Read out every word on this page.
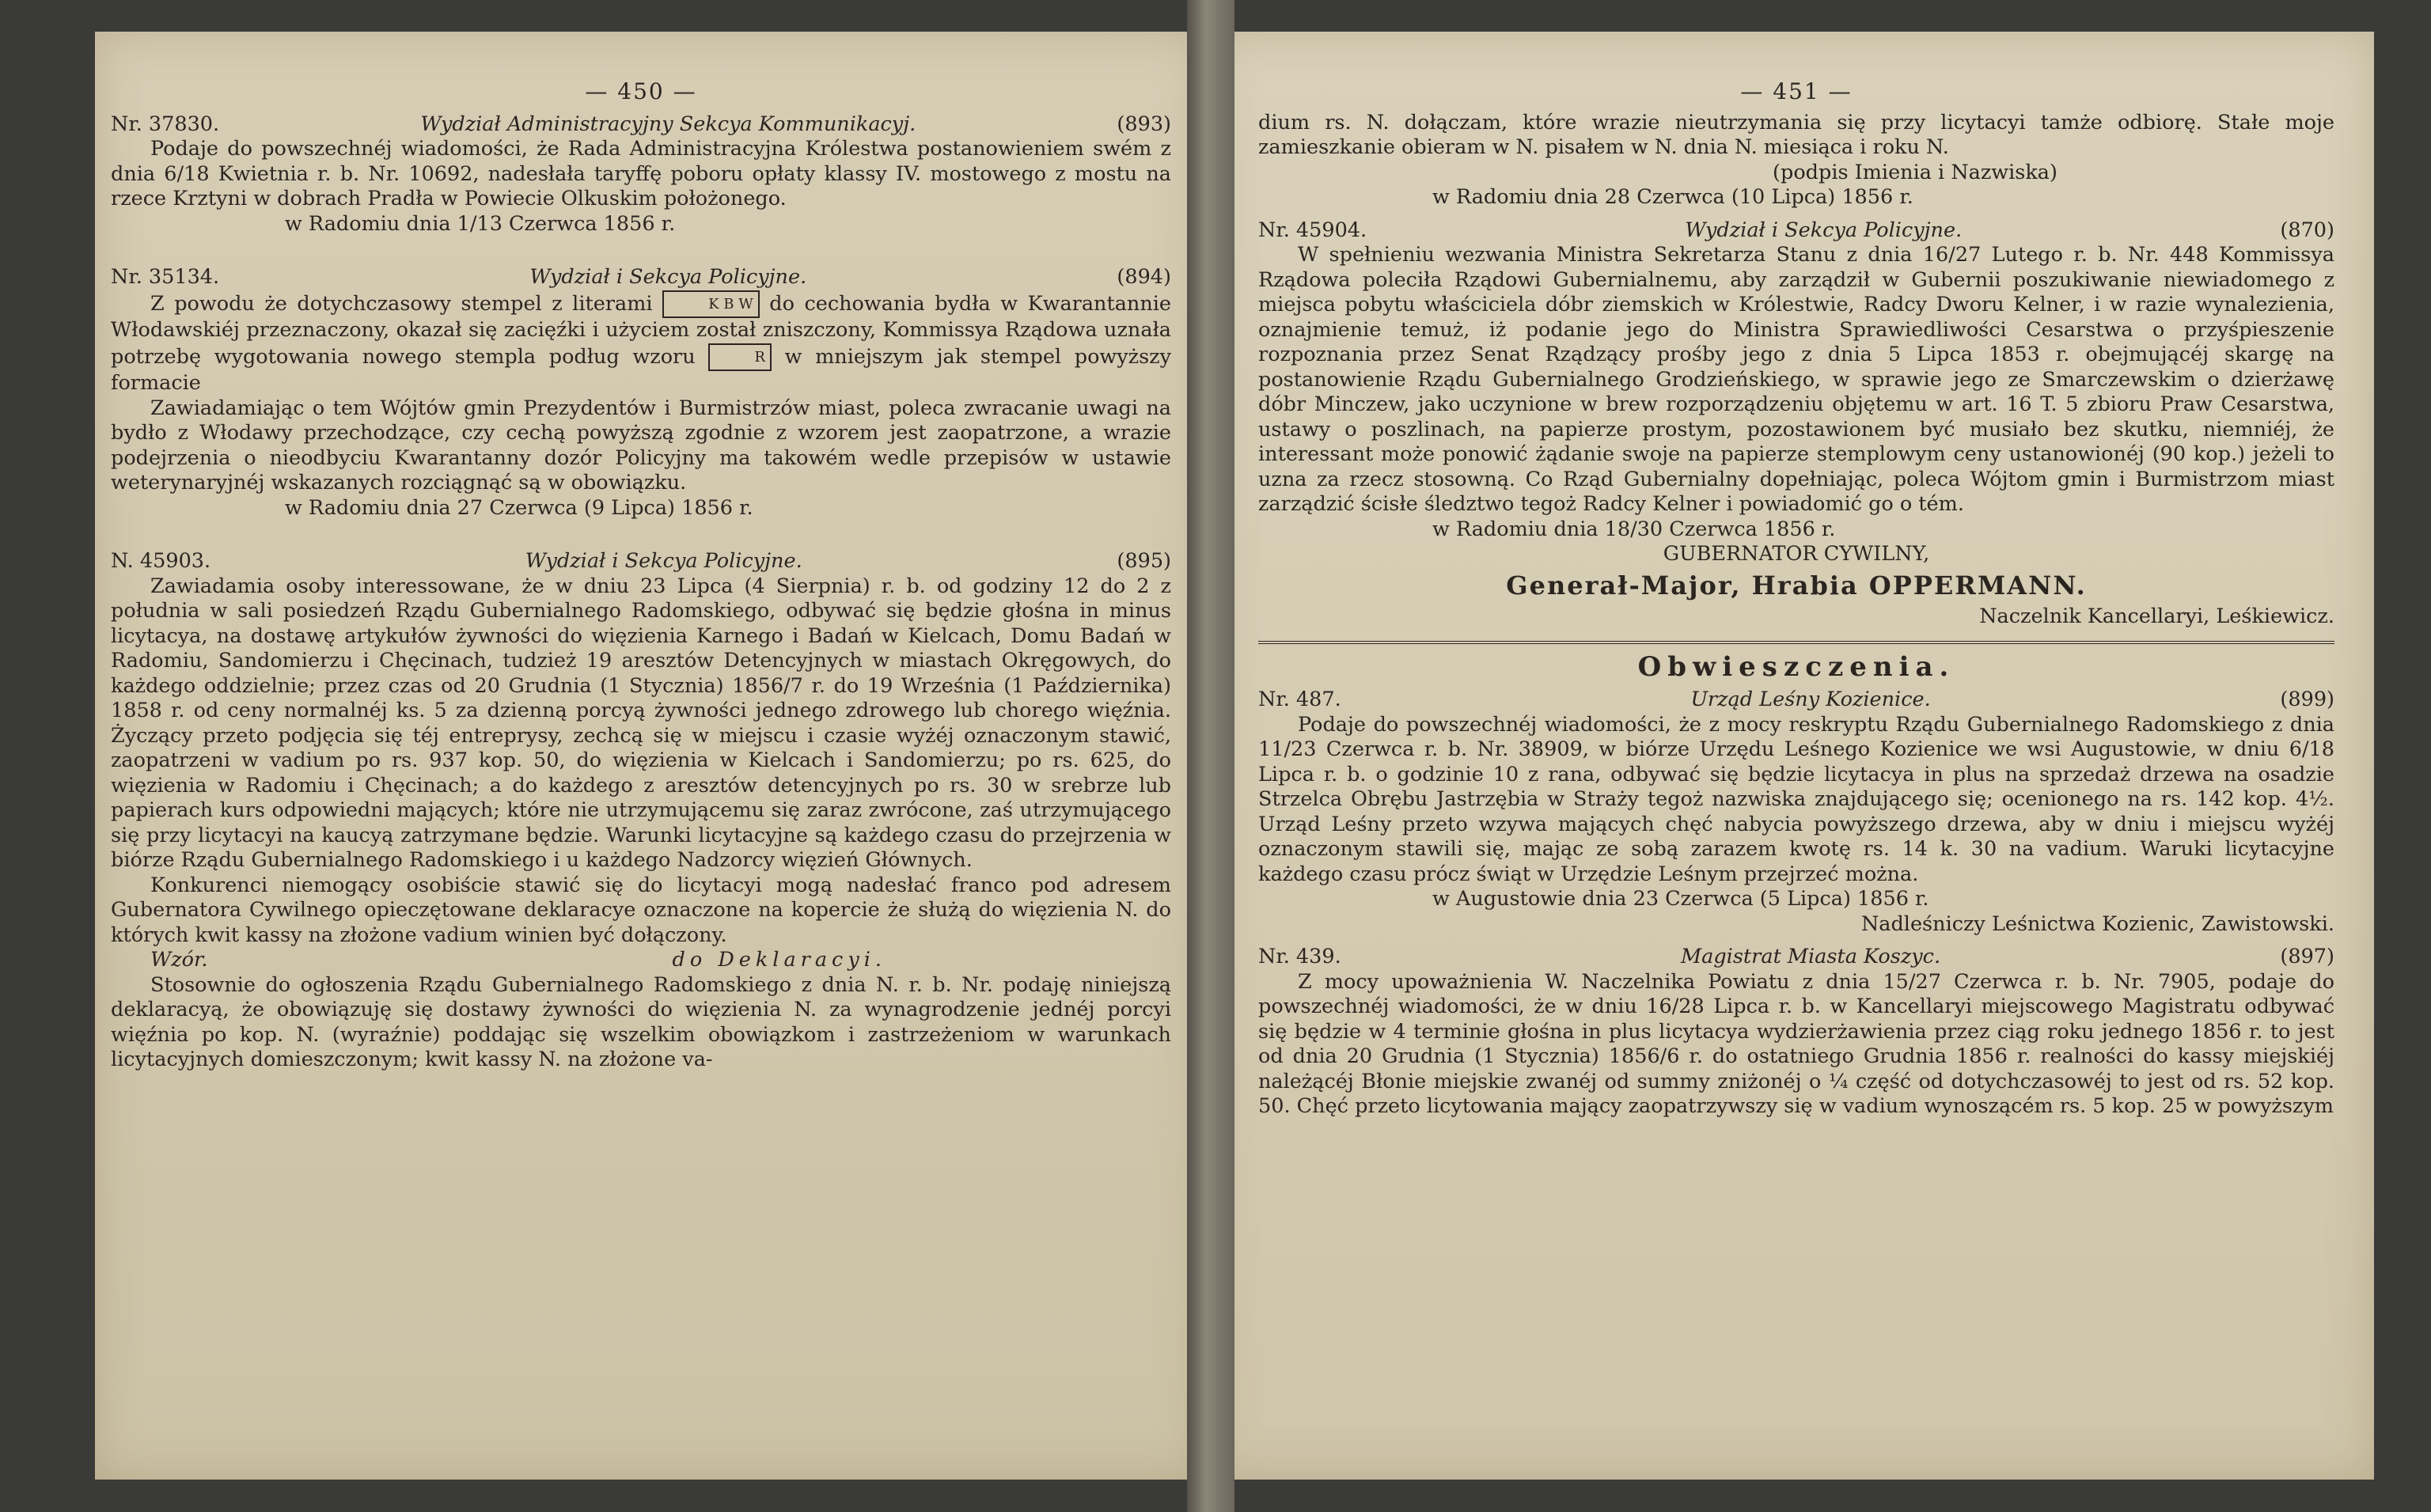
— 450 —
Nr. 37830.	Wydział Administracyjny Sekcya Kommunikacyj.	(893)

Podaje do powszechnéj wiadomości, że Rada Administracyjna Królestwa postanowieniem swém z dnia 6/18 Kwietnia r. b. Nr. 10692, nadesłała taryffę poboru opłaty klassy IV. mostowego z mostu na rzece Krztyni w dobrach Pradła w Powiecie Olkuskim położonego.

w Radomiu dnia 1/13 Czerwca 1856 r.

Nr. 35134.	Wydział i Sekcya Policyjne.	(894)

Z powodu że dotychczasowy stempel z literami	K B W do cechowania bydła w Kwarantannie Włodawskiéj przeznaczony, okazał się zacięźki i użyciem został zniszczony, Kommissya Rządowa uznała potrzebę wygotowania nowego stempla podług wzoru	R w mniejszym jak stempel powyższy formacie

Zawiadamiając o tem Wójtów gmin Prezydentów i Burmistrzów miast, poleca zwracanie uwagi na bydło z Włodawy przechodzące, czy cechą powyższą zgodnie z wzorem jest zaopatrzone, a wrazie podejrzenia o nieodbyciu Kwarantanny dozór Policyjny ma takowém wedle przepisów w ustawie weterynaryjnéj wskazanych rozciągnąć są w obowiązku.

w Radomiu dnia 27 Czerwca (9 Lipca) 1856 r.

N. 45903.	Wydział i Sekcya Policyjne.	(895)

Zawiadamia osoby interessowane, że w dniu 23 Lipca (4 Sierpnia) r. b. od godziny 12 do 2 z południa w sali posiedzeń Rządu Gubernialnego Radomskiego, odbywać się będzie głośna in minus licytacya, na dostawę artykułów żywności do więzienia Karnego i Badań w Kielcach, Domu Badań w Radomiu, Sandomierzu i Chęcinach, tudzież 19 aresztów Detencyjnych w miastach Okręgowych, do każdego oddzielnie; przez czas od 20 Grudnia (1 Stycznia) 1856/7 r. do 19 Września (1 Października) 1858 r. od ceny normalnéj ks. 5 za dzienną porcyą żywności jednego zdrowego lub chorego więźnia. Życzący przeto podjęcia się téj entreprysy, zechcą się w miejscu i czasie wyżéj oznaczonym stawić, zaopatrzeni w vadium po rs. 937 kop. 50, do więzienia w Kielcach i Sandomierzu; po rs. 625, do więzienia w Radomiu i Chęcinach; a do każdego z aresztów detencyjnych po rs. 30 w srebrze lub papierach kurs odpowiedni mających; które nie utrzymującemu się zaraz zwrócone, zaś utrzymującego się przy licytacyi na kaucyą zatrzymane będzie. Warunki licytacyjne są każdego czasu do przejrzenia w biórze Rządu Gubernialnego Radomskiego i u każdego Nadzorcy więzień Głównych.

Konkurenci niemogący osobiście stawić się do licytacyi mogą nadesłać franco pod adresem Gubernatora Cywilnego opieczętowane deklaracye oznaczone na kopercie że służą do więzienia N. do których kwit kassy na złożone vadium winien być dołączony.

Wzór.	do Deklaracyi.

Stosownie do ogłoszenia Rządu Gubernialnego Radomskiego z dnia N. r. b. Nr. podaję niniejszą deklaracyą, że obowiązuję się dostawy żywności do więzienia N. za wynagrodzenie jednéj porcyi więźnia po kop. N. (wyraźnie) poddając się wszelkim obowiązkom i zastrzeżeniom w warunkach licytacyjnych domieszczonym; kwit kassy N. na złożone va-

— 451 —

dium rs. N. dołączam, które wrazie nieutrzymania się przy licytacyi tamże odbiorę. Stałe moje zamieszkanie obieram w N. pisałem w N. dnia N. miesiąca i roku N.

(podpis Imienia i Nazwiska)

w Radomiu dnia 28 Czerwca (10 Lipca) 1856 r.

Nr. 45904.	Wydział i Sekcya Policyjne.	(870)

W spełnieniu wezwania Ministra Sekretarza Stanu z dnia 16/27 Lutego r. b. Nr. 448 Kommissya Rządowa poleciła Rządowi Gubernialnemu, aby zarządził w Gubernii poszukiwanie niewiadomego z miejsca pobytu właściciela dóbr ziemskich w Królestwie, Radcy Dworu Kelner, i w razie wynalezienia, oznajmienie temuż, iż podanie jego do Ministra Sprawiedliwości Cesarstwa o przyśpieszenie rozpoznania przez Senat Rządzący prośby jego z dnia 5 Lipca 1853 r. obejmującéj skargę na postanowienie Rządu Gubernialnego Grodzieńskiego, w sprawie jego ze Smarczewskim o dzierżawę dóbr Minczew, jako uczynione w brew rozporządzeniu objętemu w art. 16 T. 5 zbioru Praw Cesarstwa, ustawy o poszlinach, na papierze prostym, pozostawionem być musiało bez skutku, niemniéj, że interessant może ponowić żądanie swoje na papierze stemplowym ceny ustanowionéj (90 kop.) jeżeli to uzna za rzecz stosowną. Co Rząd Gubernialny dopełniając, poleca Wójtom gmin i Burmistrzom miast zarządzić ścisłe śledztwo tegoż Radcy Kelner i powiadomić go o tém.

w Radomiu dnia 18/30 Czerwca 1856 r.

GUBERNATOR CYWILNY,

Generał-Major, Hrabia OPPERMANN.

Naczelnik Kancellaryi, Leśkiewicz.

Obwieszczenia.
Nr. 487.	Urząd Leśny Kozienice.	(899)

Podaje do powszechnéj wiadomości, że z mocy reskryptu Rządu Gubernialnego Radomskiego z dnia 11/23 Czerwca r. b. Nr. 38909, w biórze Urzędu Leśnego Kozienice we wsi Augustowie, w dniu 6/18 Lipca r. b. o godzinie 10 z rana, odbywać się będzie licytacya in plus na sprzedaż drzewa na osadzie Strzelca Obrębu Jastrzębia w Straży tegoż nazwiska znajdującego się; ocenionego na rs. 142 kop. 4½. Urząd Leśny przeto wzywa mających chęć nabycia powyższego drzewa, aby w dniu i miejscu wyżéj oznaczonym stawili się, mając ze sobą zarazem kwotę rs. 14 k. 30 na vadium. Waruki licytacyjne każdego czasu prócz świąt w Urzędzie Leśnym przejrzeć można.

w Augustowie dnia 23 Czerwca (5 Lipca) 1856 r.

Nadleśniczy Leśnictwa Kozienic, Zawistowski.

Nr. 439.	Magistrat Miasta Koszyc.	(897)

Z mocy upoważnienia W. Naczelnika Powiatu z dnia 15/27 Czerwca r. b. Nr. 7905, podaje do powszechnéj wiadomości, że w dniu 16/28 Lipca r. b. w Kancellaryi miejscowego Magistratu odbywać się będzie w 4 terminie głośna in plus licytacya wydzierżawienia przez ciąg roku jednego 1856 r. to jest od dnia 20 Grudnia (1 Stycznia) 1856/6 r. do ostatniego Grudnia 1856 r. realności do kassy miejskiéj należącéj Błonie miejskie zwanéj od summy zniżonéj o ¼ część od dotychczasowéj to jest od rs. 52 kop. 50. Chęć przeto licytowania mający zaopatrzywszy się w vadium wynoszącém rs. 5 kop. 25 w powyższym
